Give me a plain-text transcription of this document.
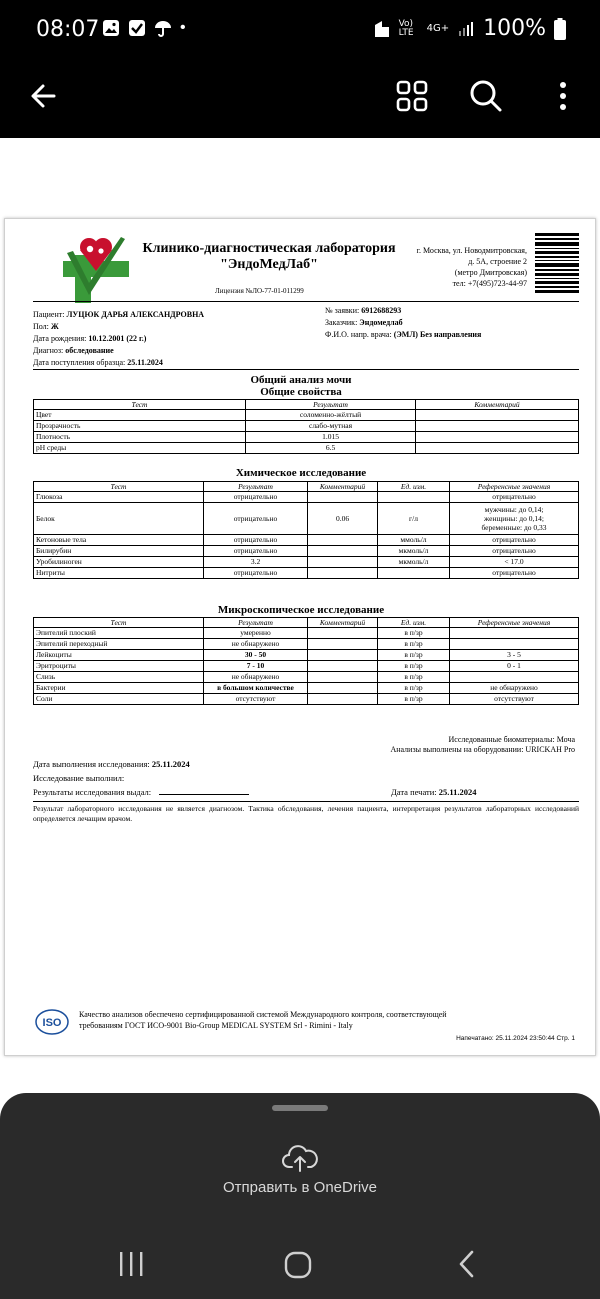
08:07	•	Vo) LTE	4G+ 100%
Клинико-диагностическая лаборатория
"ЭндоМедЛаб"
г. Москва, ул. Новодмитровская,
д. 5А, строение 2
(метро Дмитровская)
тел: +7(495)723-44-97
Лицензия №ЛО-77-01-011299
Пациент: ЛУЦЮК ДАРЬЯ АЛЕКСАНДРОВНА
Пол: Ж
Дата рождения: 10.12.2001 (22 г.)
Диагноз: обследование
Дата поступления образца: 25.11.2024
№ заявки: 6912688293
Заказчик: Эндомедлаб
Ф.И.О. напр. врача: (ЭМЛ) Без направления
Общий анализ мочи
Общие свойства
Тест	Результат	Комментарий
Цвет	соломенно-жёлтый	
Прозрачность	слабо-мутная	
Плотность	1.015	
pH среды	6.5	
Химическое исследование
Тест	Результат	Комментарий	Ед. изм.	Референсные значения
Глюкоза	отрицательно			отрицательно
Белок	отрицательно	0.06	г/л	мужчины: до 0,14;
женщины: до 0,14;
беременные: до 0,33
Кетоновые тела	отрицательно		ммоль/л	отрицательно
Билирубин	отрицательно		мкмоль/л	отрицательно
Уробилиноген	3.2		мкмоль/л	< 17.0
Нитриты	отрицательно			отрицательно
Микроскопическое исследование
Тест	Результат	Комментарий	Ед. изм.	Референсные значения
Эпителий плоский	умеренно		в п/зр	
Эпителий переходный	не обнаружено		в п/зр	
Лейкоциты	30 - 50		в п/зр	3 - 5
Эритроциты	7 - 10		в п/зр	0 - 1
Слизь	не обнаружено		в п/зр	
Бактерии	в большом количестве		в п/зр	не обнаружено
Соли	отсутствуют		в п/зр	отсутствуют
Исследованные биоматериалы: Моча
Анализы выполнены на оборудовании: URICKAH Pro
Дата выполнения исследования: 25.11.2024
Исследование выполнил:
Результаты исследования выдал:	Дата печати: 25.11.2024
Результат лабораторного исследования не является диагнозом. Тактика обследования, лечения пациента, интерпретация результатов лабораторных исследований определяется лечащим врачом.
ISO
Качество анализов обеспечено сертифицированной системой Международного контроля, соответствующей
требованиям ГОСТ ИСО-9001 Bio-Group MEDICAL SYSTEM Srl - Rimini - Italy
Напечатано: 25.11.2024 23:50:44 Стр. 1
Отправить в OneDrive
